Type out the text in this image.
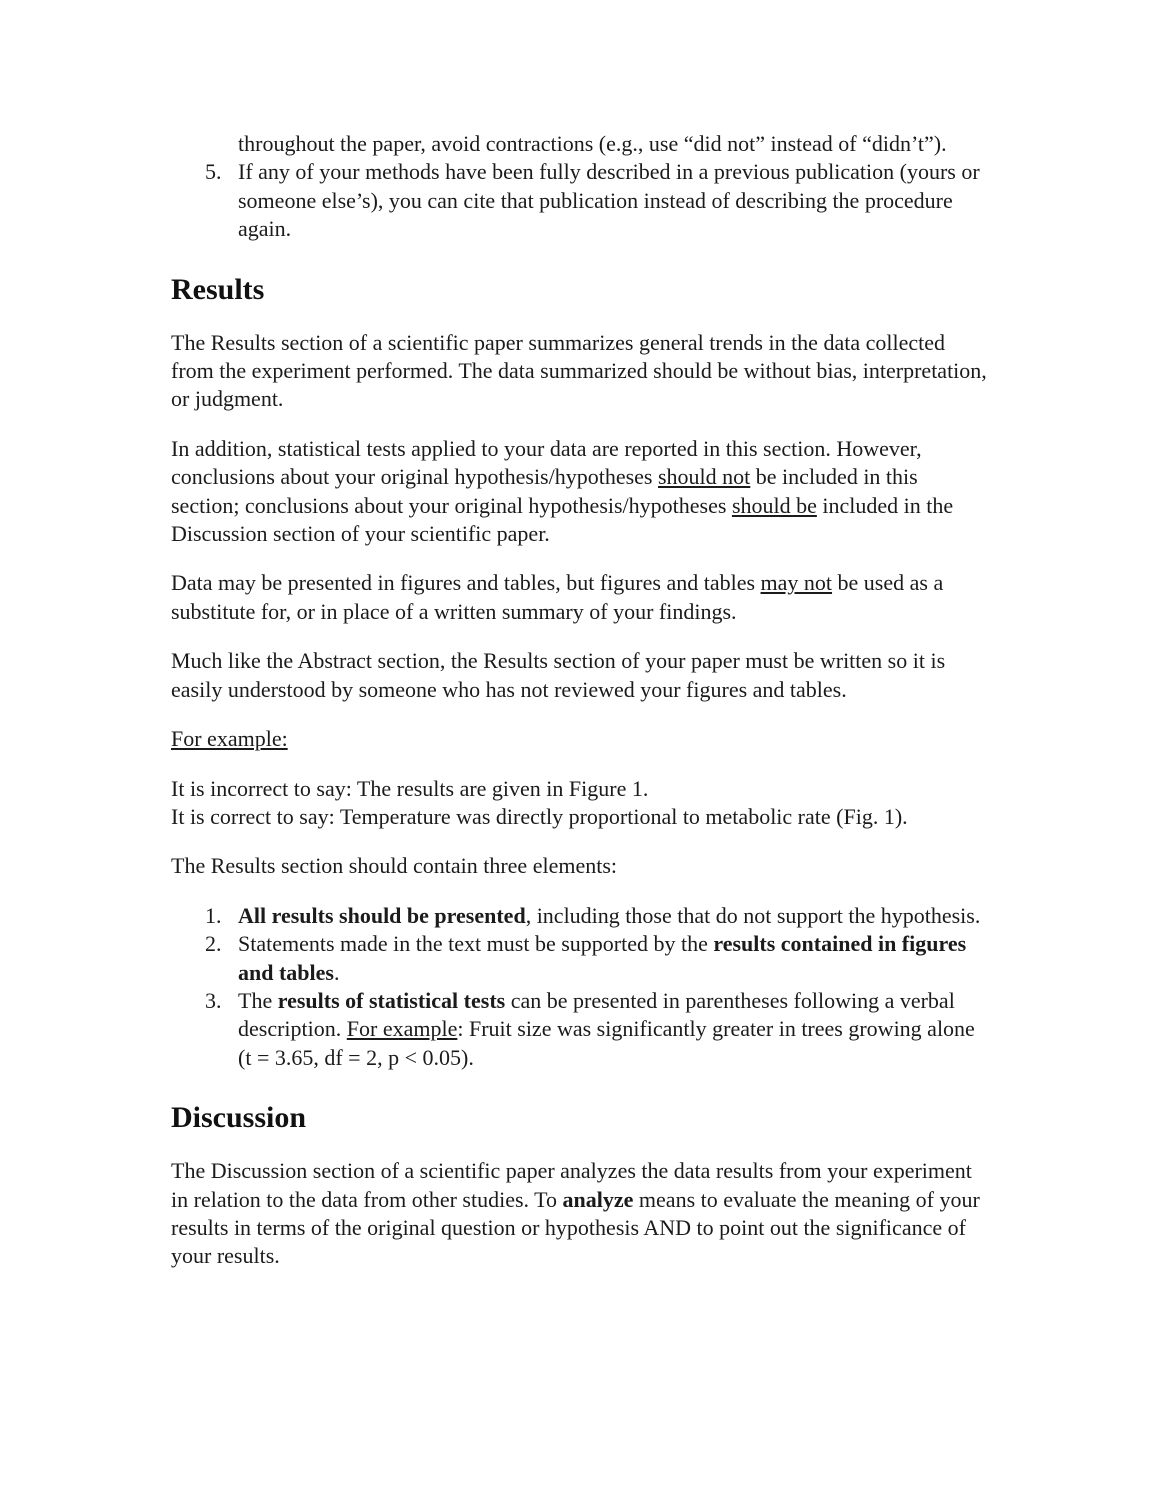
throughout the paper, avoid contractions (e.g., use “did not” instead of “didn’t”).
5. If any of your methods have been fully described in a previous publication (yours or someone else’s), you can cite that publication instead of describing the procedure again.
Results

The Results section of a scientific paper summarizes general trends in the data collected from the experiment performed. The data summarized should be without bias, interpretation, or judgment.

In addition, statistical tests applied to your data are reported in this section. However, conclusions about your original hypothesis/hypotheses should not be included in this section; conclusions about your original hypothesis/hypotheses should be included in the Discussion section of your scientific paper.

Data may be presented in figures and tables, but figures and tables may not be used as a substitute for, or in place of a written summary of your findings.

Much like the Abstract section, the Results section of your paper must be written so it is easily understood by someone who has not reviewed your figures and tables.

For example:

It is incorrect to say: The results are given in Figure 1.
It is correct to say: Temperature was directly proportional to metabolic rate (Fig. 1).

The Results section should contain three elements:

1. All results should be presented, including those that do not support the hypothesis.
2. Statements made in the text must be supported by the results contained in figures and tables.
3. The results of statistical tests can be presented in parentheses following a verbal description. For example: Fruit size was significantly greater in trees growing alone (t = 3.65, df = 2, p < 0.05).
Discussion

The Discussion section of a scientific paper analyzes the data results from your experiment in relation to the data from other studies. To analyze means to evaluate the meaning of your results in terms of the original question or hypothesis AND to point out the significance of your results.
